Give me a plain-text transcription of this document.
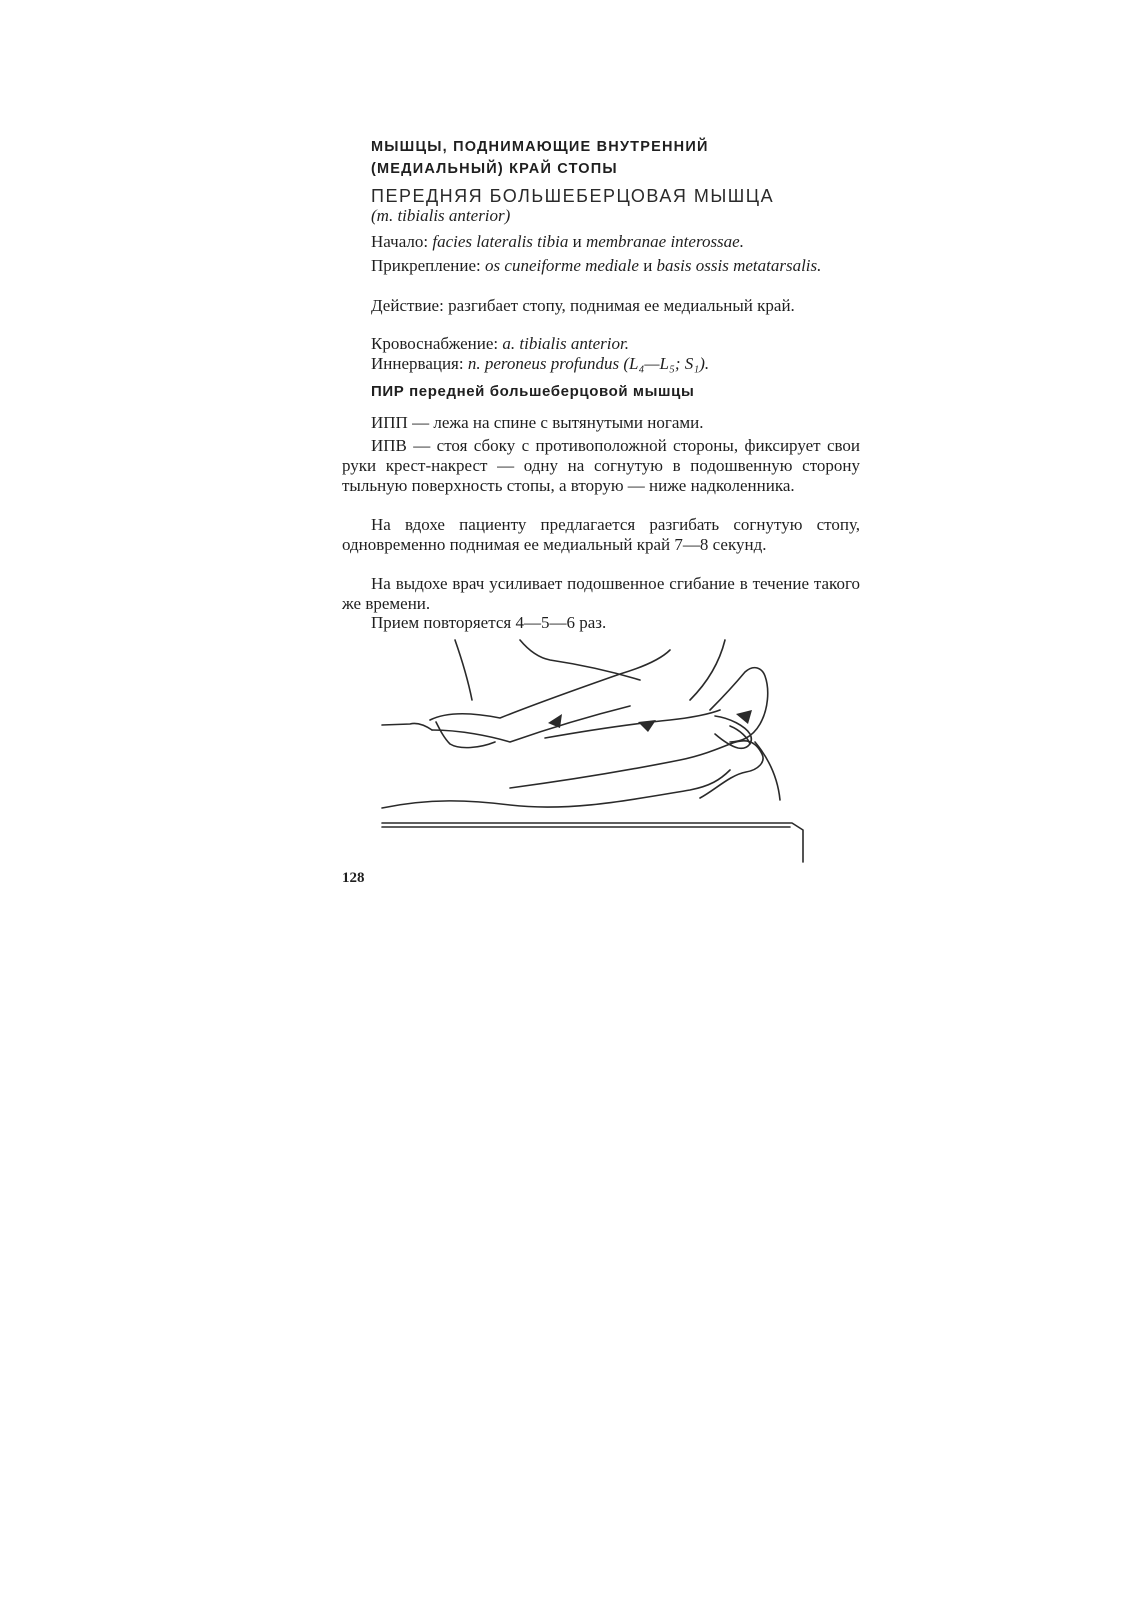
МЫШЦЫ, ПОДНИМАЮЩИЕ ВНУТРЕННИЙ
(МЕДИАЛЬНЫЙ) КРАЙ СТОПЫ
ПЕРЕДНЯЯ БОЛЬШЕБЕРЦОВАЯ МЫШЦА
(m. tibialis anterior)
Начало: facies lateralis tibia и membranae interossae.
Прикрепление: os cuneiforme mediale и basis ossis metatarsalis.
Действие: разгибает стопу, поднимая ее медиальный край.
Кровоснабжение: a. tibialis anterior.
Иннервация: n. peroneus profundus (L₄—L₅; S₁).
ПИР передней большеберцовой мышцы
ИПП — лежа на спине с вытянутыми ногами.
ИПВ — стоя сбоку с противоположной стороны, фиксирует свои руки крест-накрест — одну на согнутую в подошвенную сторону тыльную поверхность стопы, а вторую — ниже надколенника.
На вдохе пациенту предлагается разгибать согнутую стопу, одновременно поднимая ее медиальный край 7—8 секунд.
На выдохе врач усиливает подошвенное сгибание в течение такого же времени.
Прием повторяется 4—5—6 раз.
128
